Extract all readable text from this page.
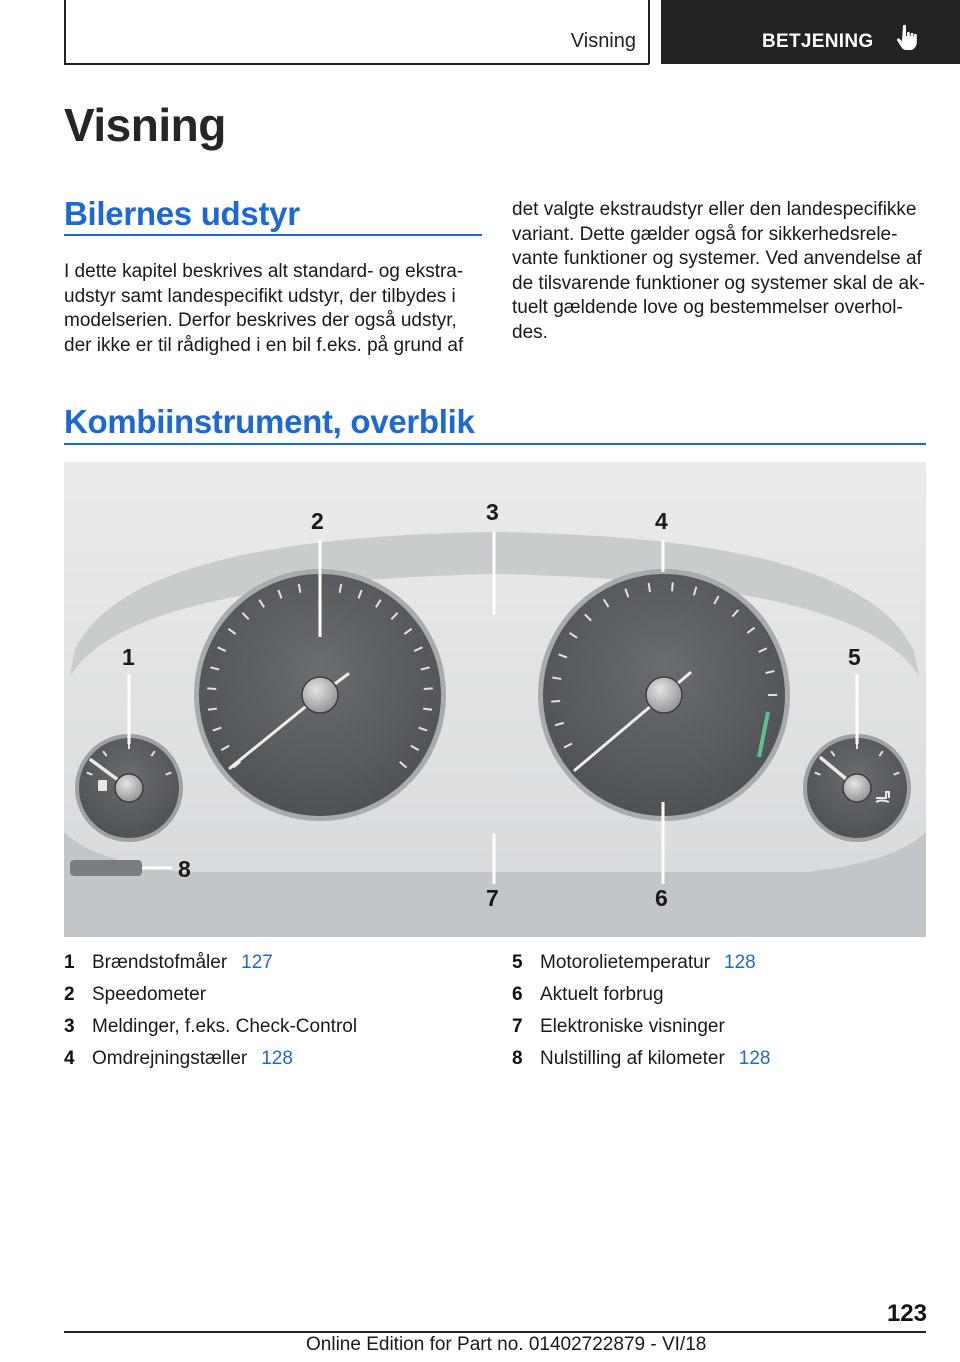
Visning	BETJENING
Visning
Bilernes udstyr

I dette kapitel beskrives alt standard- og ekstra-udstyr samt landespecifikt udstyr, der tilbydes i modelserien. Derfor beskrives der også udstyr, der ikke er til rådighed i en bil f.eks. på grund af

det valgte ekstraudstyr eller den landespecifikke variant. Dette gælder også for sikkerhedsrele-vante funktioner og systemer. Ved anvendelse af de tilsvarende funktioner og systemer skal de ak-tuelt gældende love og bestemmelser overhol-des.

Kombiinstrument, overblik
1
2	3	4
5
6
7
8
1 Brændstofmåler 127
2 Speedometer
3 Meldinger, f.eks. Check-Control
4 Omdrejningstæller 128
5 Motorolietemperatur 128
6 Aktuelt forbrug
7 Elektroniske visninger
8 Nulstilling af kilometer 128
123
Online Edition for Part no. 01402722879 - VI/18
